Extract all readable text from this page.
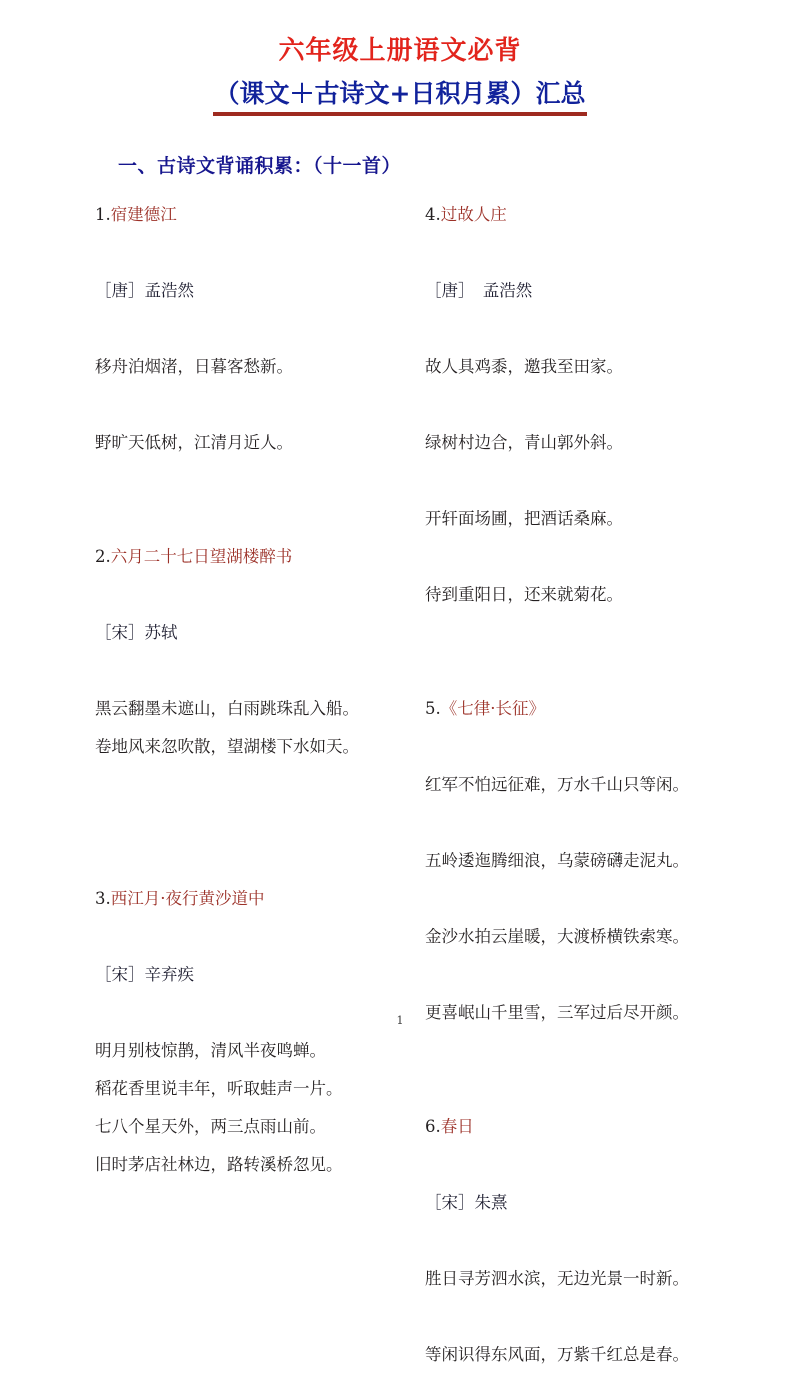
六年级上册语文必背
（课文＋古诗文+日积月累）汇总
一、古诗文背诵积累：（十一首）
1.宿建德江

［唐］孟浩然

移舟泊烟渚，日暮客愁新。

野旷天低树，江清月近人。

2.六月二十七日望湖楼醉书

［宋］苏轼

黑云翻墨未遮山，白雨跳珠乱入船。
卷地风来忽吹散，望湖楼下水如天。

3.西江月·夜行黄沙道中

［宋］辛弃疾

明月别枝惊鹊，清风半夜鸣蝉。
稻花香里说丰年，听取蛙声一片。
七八个星天外，两三点雨山前。
旧时茅店社林边，路转溪桥忽见。
4.过故人庄

［唐］　孟浩然

故人具鸡黍，邀我至田家。

绿树村边合，青山郭外斜。

开轩面场圃，把酒话桑麻。

待到重阳日，还来就菊花。

5.《七律·长征》

红军不怕远征难，万水千山只等闲。

五岭逶迤腾细浪，乌蒙磅礴走泥丸。

金沙水拍云崖暖，大渡桥横铁索寒。

更喜岷山千里雪，三军过后尽开颜。

6.春日

［宋］朱熹

胜日寻芳泗水滨，无边光景一时新。

等闲识得东风面，万紫千红总是春。
1
